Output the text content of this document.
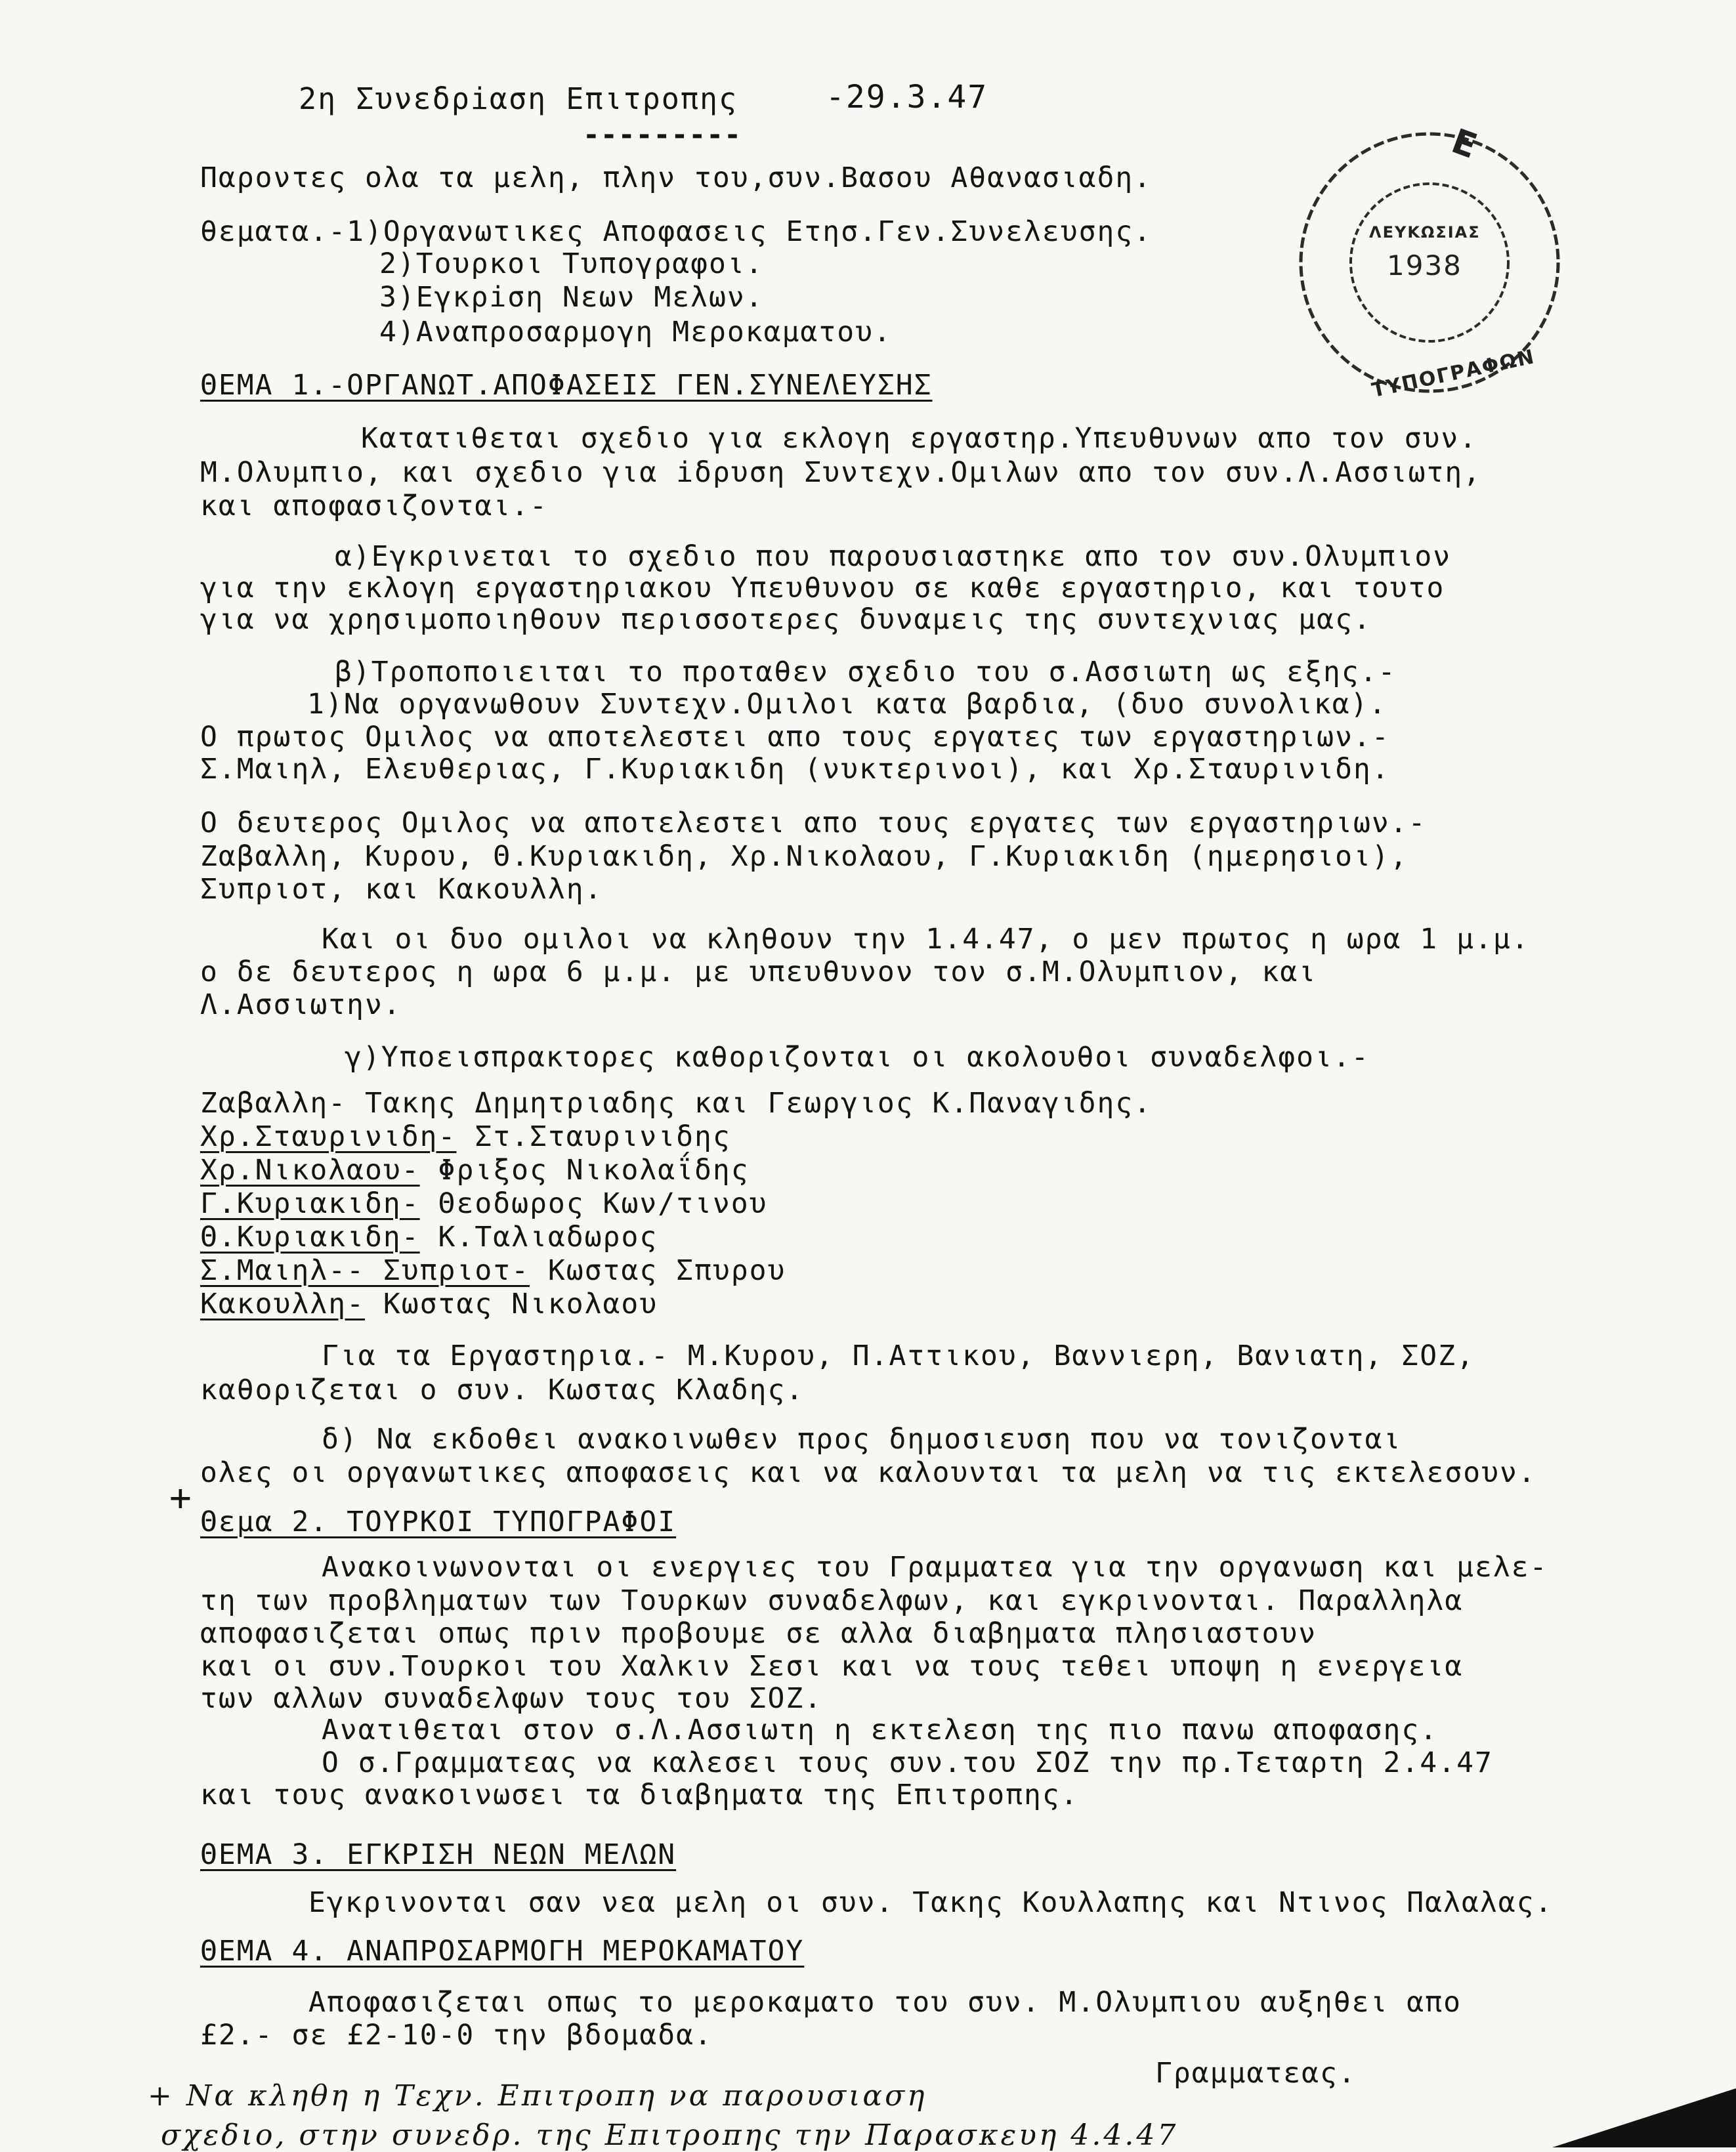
2η Συνεδρiαση Επιτροπης	-29.3.47
---------
Παροντες ολα τα μελη, πλην του,συν.Βασου Αθανασιαδη.
θεματα.-1)Οργανωτικες Αποφασεις Ετησ.Γεν.Συνελευσης.
2)Τουρκοι Τυπογραφοι.
3)Εγκρiση Νεων Μελων.
4)Αναπροσαρμογη Μεροκαματου.
Ε
ΛΕΥΚΩΣΙΑΣ
1938
ΤΥΠΟΓΡΑΦΩΝ
ΘΕΜΑ 1.-ΟΡΓΑΝΩΤ.ΑΠΟΦΑΣΕΙΣ ΓΕΝ.ΣΥΝΕΛΕΥΣΗΣ
Κατατιθεται σχεδιο για εκλογη εργαστηρ.Υπευθυνων απο τον συν.
Μ.Ολυμπιο, και σχεδιο για iδρυση Συντεχν.Ομιλων απο τον συν.Λ.Ασσιωτη,
και αποφασιζονται.-
α)Εγκρινεται το σχεδιο που παρουσιαστηκε απο τον συν.Ολυμπιον
για την εκλογη εργαστηριακου Υπευθυνου σε καθε εργαστηριο, και τουτο
για να χρησιμοποιηθουν περισσοτερες δυναμεις της συντεχνιας μας.
β)Τροποποιειται το προταθεν σχεδιο του σ.Ασσιωτη ως εξης.-
1)Να οργανωθουν Συντεχν.Ομιλοι κατα βαρδια, (δυο συνολικα).
Ο πρωτος Ομιλος να αποτελεστει απο τους εργατες των εργαστηριων.-
Σ.Μαιηλ, Ελευθεριας, Γ.Κυριακιδη (νυκτερινοι), και Χρ.Σταυρινιδη.
Ο δευτερος Ομιλος να αποτελεστει απο τους εργατες των εργαστηριων.-
Ζαβαλλη, Κυρου, Θ.Κυριακιδη, Χρ.Νικολαου, Γ.Κυριακιδη (ημερησιοι),
Συπριοτ, και Κακουλλη.
Και οι δυο ομιλοι να κληθουν την 1.4.47, ο μεν πρωτος η ωρα 1 μ.μ.
ο δε δευτερος η ωρα 6 μ.μ. με υπευθυνον τον σ.Μ.Ολυμπιον, και
Λ.Ασσιωτην.
γ)Υποεισπρακτορες καθοριζονται οι ακολουθοι συναδελφοι.-
Ζαβαλλη- Τακης Δημητριαδης και Γεωργιος Κ.Παναγιδης.
Χρ.Σταυρινιδη- Στ.Σταυρινιδης
Χρ.Νικολαου- Φριξος Νικολαΐδης
Γ.Κυριακιδη- Θεοδωρος Κων/τινου
Θ.Κυριακιδη- Κ.Ταλιαδωρος
Σ.Μαιηλ-- Συπριοτ- Κωστας Σπυρου
Κακουλλη- Κωστας Νικολαου
Για τα Εργαστηρια.- Μ.Κυρου, Π.Αττικου, Βαννιερη, Βανιατη, ΣΟΖ,
καθοριζεται ο συν. Κωστας Κλαδης.
δ) Να εκδοθει ανακοινωθεν προς δημοσιευση που να τονιζονται
ολες οι οργανωτικες αποφασεις και να καλουνται τα μελη να τις εκτελεσουν.
+
Θεμα 2. ΤΟΥΡΚΟΙ ΤΥΠΟΓΡΑΦΟΙ
Ανακοινωνονται οι ενεργιες του Γραμματεα για την οργανωση και μελε-
τη των προβληματων των Τουρκων συναδελφων, και εγκρινονται. Παραλληλα
αποφασιζεται οπως πριν προβουμε σε αλλα διαβηματα πλησιαστουν
και οι συν.Τουρκοι του Χαλκιν Σεσι και να τους τεθει υποψη η ενεργεια
των αλλων συναδελφων τους του ΣΟΖ.
Ανατιθεται στον σ.Λ.Ασσιωτη η εκτελεση της πιο πανω αποφασης.
Ο σ.Γραμματεας να καλεσει τους συν.του ΣΟΖ την πρ.Τεταρτη 2.4.47
και τους ανακοινωσει τα διαβηματα της Επιτροπης.
ΘΕΜΑ 3. ΕΓΚΡΙΣΗ ΝΕΩΝ ΜΕΛΩΝ
Εγκρινονται σαν νεα μελη οι συν. Τακης Κουλλαπης και Ντινος Παλαλας.
ΘΕΜΑ 4. ΑΝΑΠΡΟΣΑΡΜΟΓΗ ΜΕΡΟΚΑΜΑΤΟΥ
Αποφασιζεται οπως το μεροκαματο του συν. Μ.Ολυμπιου αυξηθει απο
£2.- σε £2-10-0 την βδομαδα.
Γραμματεας.
+ Να κληθη η Τεχν. Επιτροπη να παρουσιαση
σχεδιο, στην συνεδρ. της Επιτροπης την Παρασκευη 4.4.47
